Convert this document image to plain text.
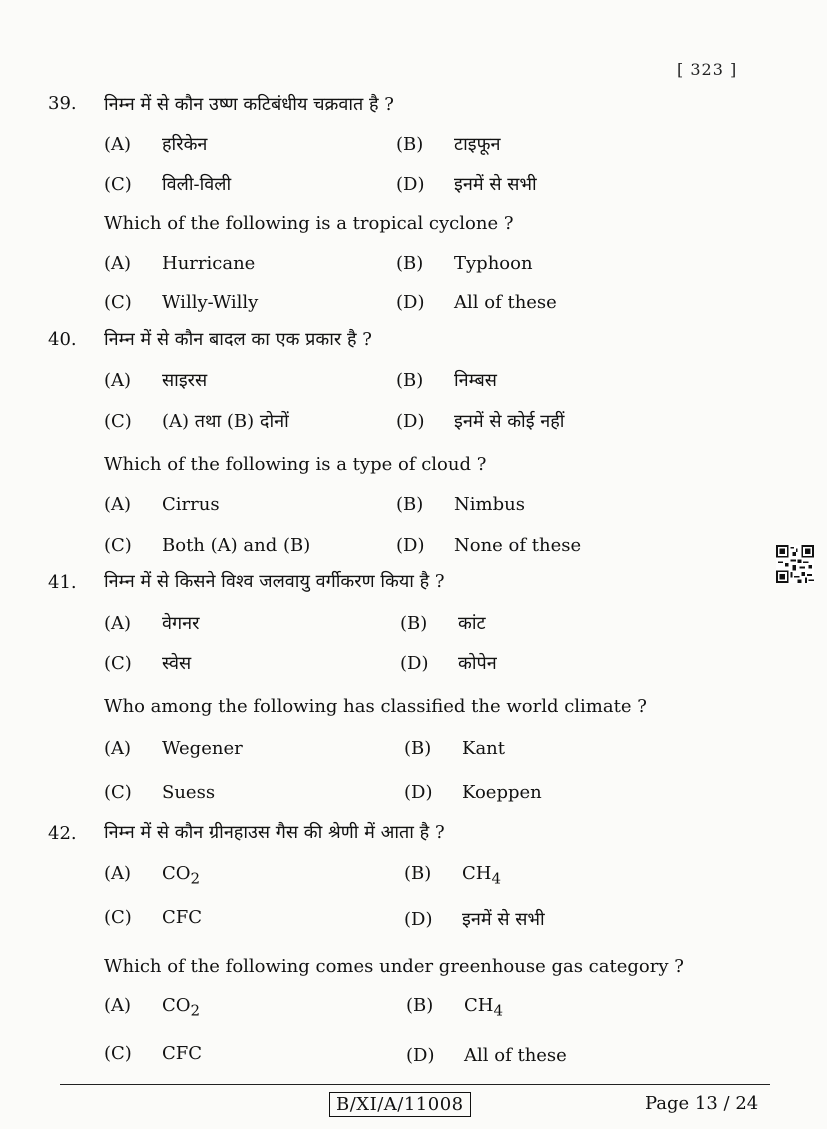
[ 323 ]
39. निम्न में से कौन उष्ण कटिबंधीय चक्रवात है ?
(A) हरिकेन	(B) टाइफून
(C) विली-विली	(D) इनमें से सभी
Which of the following is a tropical cyclone ?
(A) Hurricane	(B) Typhoon
(C) Willy-Willy	(D) All of these
40. निम्न में से कौन बादल का एक प्रकार है ?
(A) साइरस	(B) निम्बस
(C) (A) तथा (B) दोनों	(D) इनमें से कोई नहीं
Which of the following is a type of cloud ?
(A) Cirrus	(B) Nimbus
(C) Both (A) and (B)	(D) None of these
41. निम्न में से किसने विश्व जलवायु वर्गीकरण किया है ?
(A) वेगनर	(B) कांट
(C) स्वेस	(D) कोपेन
Who among the following has classified the world climate ?
(A) Wegener	(B) Kant
(C) Suess	(D) Koeppen
42. निम्न में से कौन ग्रीनहाउस गैस की श्रेणी में आता है ?
(A) $CO_2$	(B) $CH_4$
(C) CFC	(D) इनमें से सभी
Which of the following comes under greenhouse gas category ?
(A) $CO_2$	(B) $CH_4$
(C) CFC	(D) All of these
B/XI/A/11008	Page 13 / 24
